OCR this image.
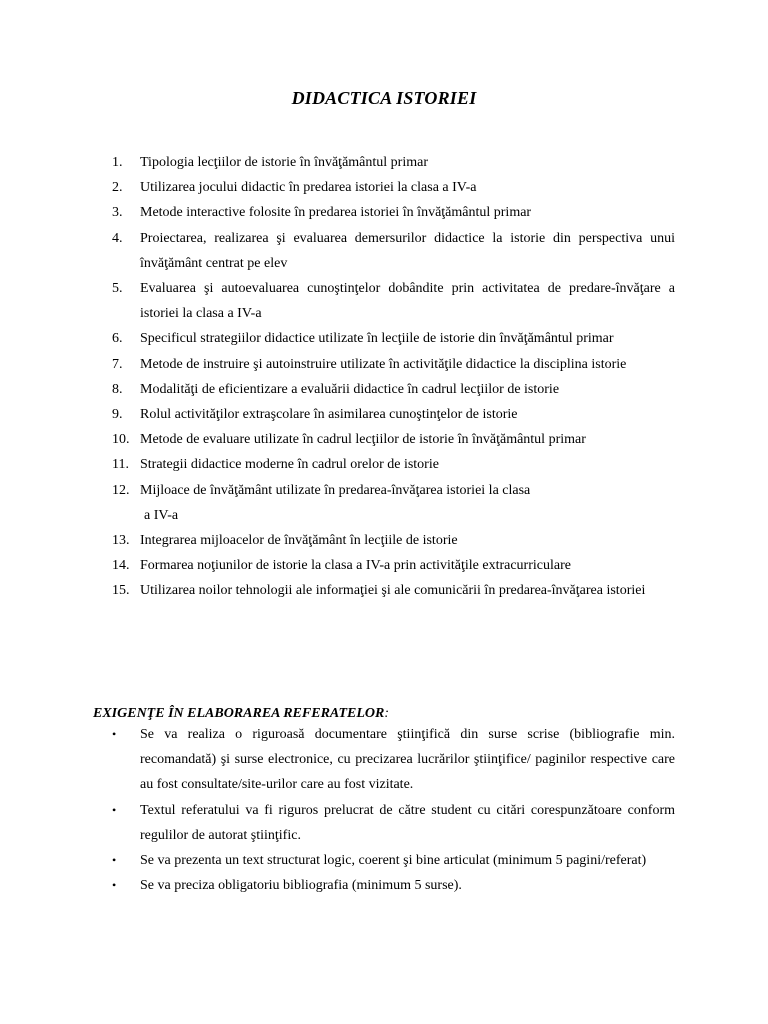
DIDACTICA ISTORIEI
1.	Tipologia lecţiilor de istorie în învăţământul primar
2.	Utilizarea jocului didactic în predarea istoriei la clasa a IV-a
3.	Metode interactive folosite în predarea istoriei în învăţământul primar
4.	Proiectarea, realizarea şi evaluarea demersurilor didactice la istorie din perspectiva unui învăţământ centrat pe elev
5.	Evaluarea şi autoevaluarea cunoştinţelor dobândite prin activitatea de predare-învăţare a istoriei la clasa a IV-a
6.	Specificul strategiilor didactice utilizate în lecţiile de istorie din învăţământul primar
7.	Metode de instruire şi autoinstruire utilizate în activităţile didactice la disciplina istorie
8.	Modalităţi de eficientizare a evaluării didactice în cadrul lecţiilor de istorie
9.	Rolul activităţilor extraşcolare în asimilarea cunoştinţelor de istorie
10. Metode de evaluare utilizate în cadrul lecţiilor de istorie în învăţământul primar
11. Strategii didactice moderne în cadrul orelor de istorie
12. Mijloace de învăţământ utilizate în predarea-învăţarea istoriei la clasa
a IV-a
13. Integrarea mijloacelor de învăţământ în lecţiile de istorie
14. Formarea noţiunilor de istorie la clasa a IV-a prin activităţile extracurriculare
15. Utilizarea noilor tehnologii ale informaţiei şi ale comunicării în predarea-învăţarea istoriei
EXIGENŢE ÎN ELABORAREA REFERATELOR:
•	Se va realiza o riguroasă documentare ştiinţifică din surse scrise (bibliografie min. recomandată) şi surse electronice, cu precizarea lucrărilor ştiinţifice/ paginilor respective care au fost consultate/site-urilor care au fost vizitate.
•	Textul referatului va fi riguros prelucrat de către student cu citări corespunzătoare conform regulilor de autorat ştiinţific.
•	Se va prezenta un text structurat logic, coerent şi bine articulat (minimum 5 pagini/referat)
•	Se va preciza obligatoriu bibliografia (minimum 5 surse).
